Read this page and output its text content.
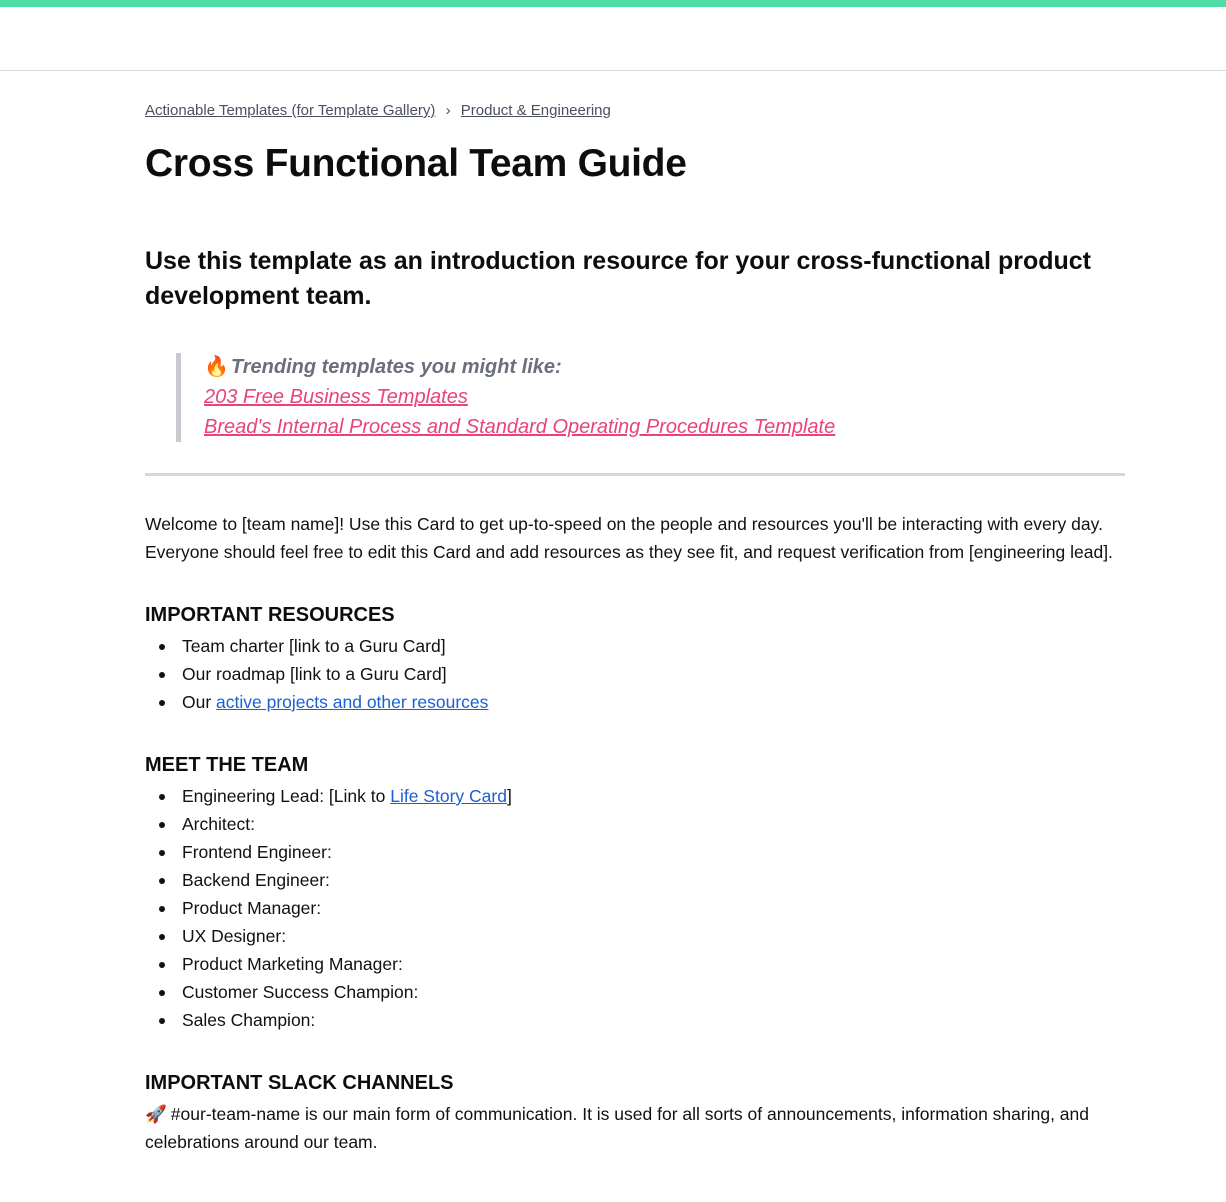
Actionable Templates (for Template Gallery) › Product & Engineering
Cross Functional Team Guide
Use this template as an introduction resource for your cross-functional product development team.
🔥 Trending templates you might like:
203 Free Business Templates
Bread's Internal Process and Standard Operating Procedures Template

Welcome to [team name]! Use this Card to get up-to-speed on the people and resources you'll be interacting with every day. Everyone should feel free to edit this Card and add resources as they see fit, and request verification from [engineering lead].

IMPORTANT RESOURCES
Team charter [link to a Guru Card]
Our roadmap [link to a Guru Card]
Our active projects and other resources
MEET THE TEAM
Engineering Lead: [Link to Life Story Card]
Architect:
Frontend Engineer:
Backend Engineer:
Product Manager:
UX Designer:
Product Marketing Manager:
Customer Success Champion:
Sales Champion:
IMPORTANT SLACK CHANNELS

🚀 #our-team-name is our main form of communication. It is used for all sorts of announcements, information sharing, and celebrations around our team.
